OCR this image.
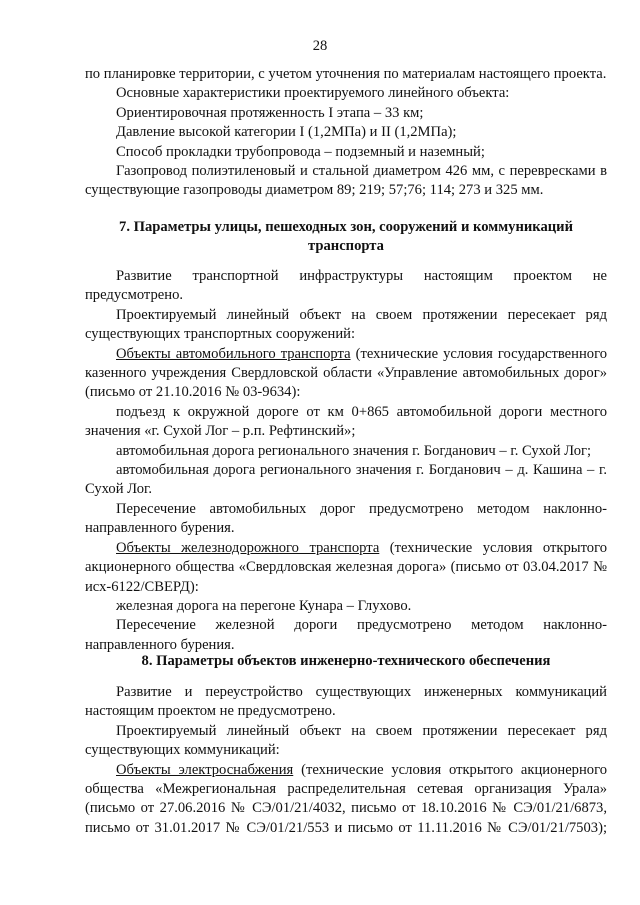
28

по планировке территории, с учетом уточнения по материалам настоящего проекта.

Основные характеристики проектируемого линейного объекта:

Ориентировочная протяженность I этапа – 33 км;

Давление высокой категории I (1,2МПа) и II (1,2МПа);

Способ прокладки трубопровода – подземный и наземный;

Газопровод полиэтиленовый и стальной диаметром 426 мм, с перевресками в существующие газопроводы диаметром 89; 219; 57;76; 114; 273 и 325 мм.

7. Параметры улицы, пешеходных зон, сооружений и коммуникаций транспорта

Развитие транспортной инфраструктуры настоящим проектом не предусмотрено.

Проектируемый линейный объект на своем протяжении пересекает ряд существующих транспортных сооружений:

Объекты автомобильного транспорта (технические условия государственного казенного учреждения Свердловской области «Управление автомобильных дорог» (письмо от 21.10.2016 № 03-9634):

подъезд к окружной дороге от км 0+865 автомобильной дороги местного значения «г. Сухой Лог – р.п. Рефтинский»;

автомобильная дорога регионального значения г. Богданович – г. Сухой Лог;

автомобильная дорога регионального значения г. Богданович – д. Кашина – г. Сухой Лог.

Пересечение автомобильных дорог предусмотрено методом наклонно-направленного бурения.

Объекты железнодорожного транспорта (технические условия открытого акционерного общества «Свердловская железная дорога» (письмо от 03.04.2017 № исх-6122/СВЕРД):

железная дорога на перегоне Кунара – Глухово.

Пересечение железной дороги предусмотрено методом наклонно-направленного бурения.

8. Параметры объектов инженерно-технического обеспечения

Развитие и переустройство существующих инженерных коммуникаций настоящим проектом не предусмотрено.

Проектируемый линейный объект на своем протяжении пересекает ряд существующих коммуникаций:

Объекты электроснабжения (технические условия открытого акционерного общества «Межрегиональная распределительная сетевая организация Урала» (письмо от 27.06.2016 № СЭ/01/21/4032, письмо от 18.10.2016 № СЭ/01/21/6873, письмо от 31.01.2017 № СЭ/01/21/553 и письмо от 11.11.2016 № СЭ/01/21/7503);
